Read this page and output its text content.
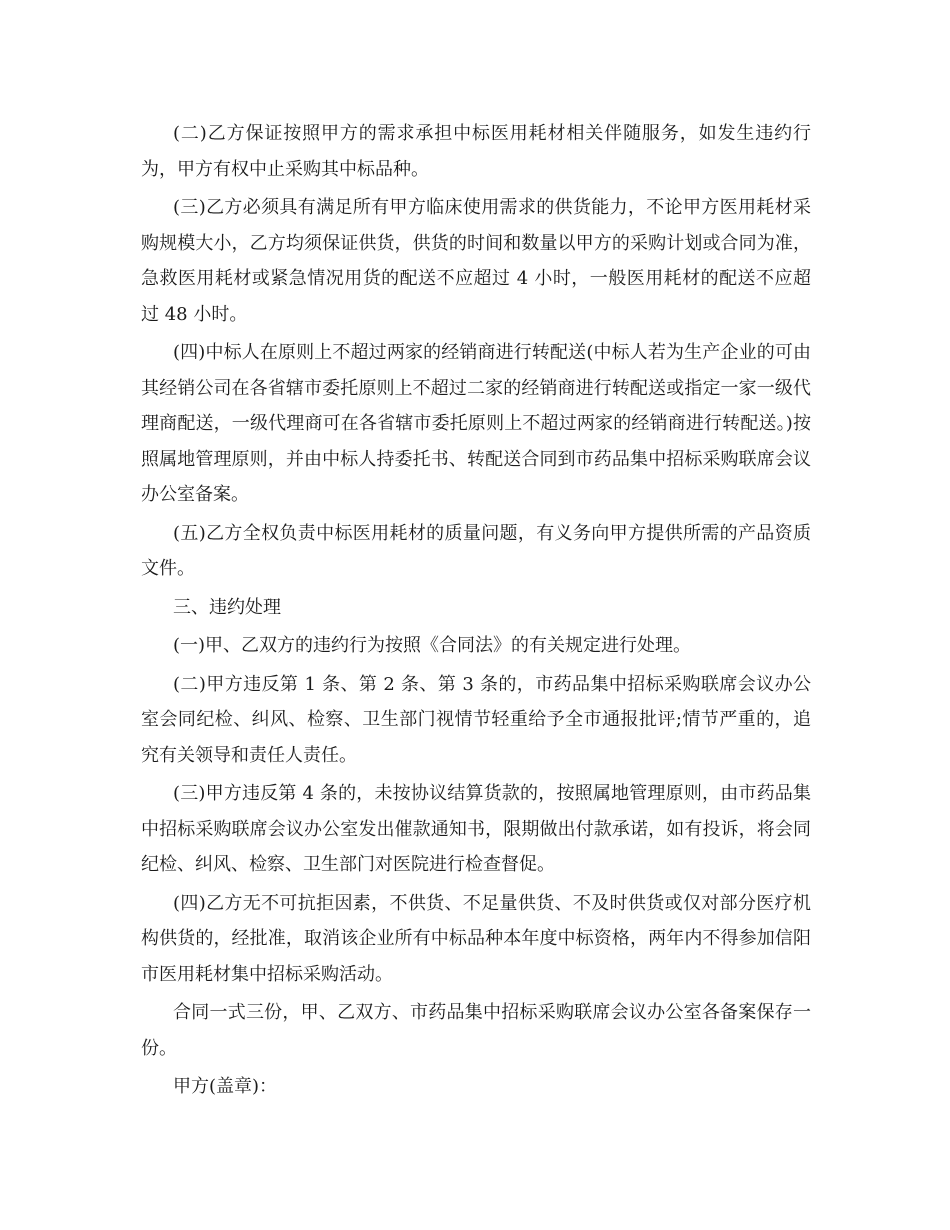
(二)乙方保证按照甲方的需求承担中标医用耗材相关伴随服务，如发生违约行为，甲方有权中止采购其中标品种。

(三)乙方必须具有满足所有甲方临床使用需求的供货能力，不论甲方医用耗材采购规模大小，乙方均须保证供货，供货的时间和数量以甲方的采购计划或合同为准，急救医用耗材或紧急情况用货的配送不应超过 4 小时，一般医用耗材的配送不应超过 48 小时。

(四)中标人在原则上不超过两家的经销商进行转配送(中标人若为生产企业的可由其经销公司在各省辖市委托原则上不超过二家的经销商进行转配送或指定一家一级代理商配送，一级代理商可在各省辖市委托原则上不超过两家的经销商进行转配送。)按照属地管理原则，并由中标人持委托书、转配送合同到市药品集中招标采购联席会议办公室备案。

(五)乙方全权负责中标医用耗材的质量问题，有义务向甲方提供所需的产品资质文件。

三、违约处理

(一)甲、乙双方的违约行为按照《合同法》的有关规定进行处理。

(二)甲方违反第 1 条、第 2 条、第 3 条的，市药品集中招标采购联席会议办公室会同纪检、纠风、检察、卫生部门视情节轻重给予全市通报批评;情节严重的，追究有关领导和责任人责任。

(三)甲方违反第 4 条的，未按协议结算货款的，按照属地管理原则，由市药品集中招标采购联席会议办公室发出催款通知书，限期做出付款承诺，如有投诉，将会同纪检、纠风、检察、卫生部门对医院进行检查督促。

(四)乙方无不可抗拒因素，不供货、不足量供货、不及时供货或仅对部分医疗机构供货的，经批准，取消该企业所有中标品种本年度中标资格，两年内不得参加信阳市医用耗材集中招标采购活动。

合同一式三份，甲、乙双方、市药品集中招标采购联席会议办公室各备案保存一份。

甲方(盖章)：
